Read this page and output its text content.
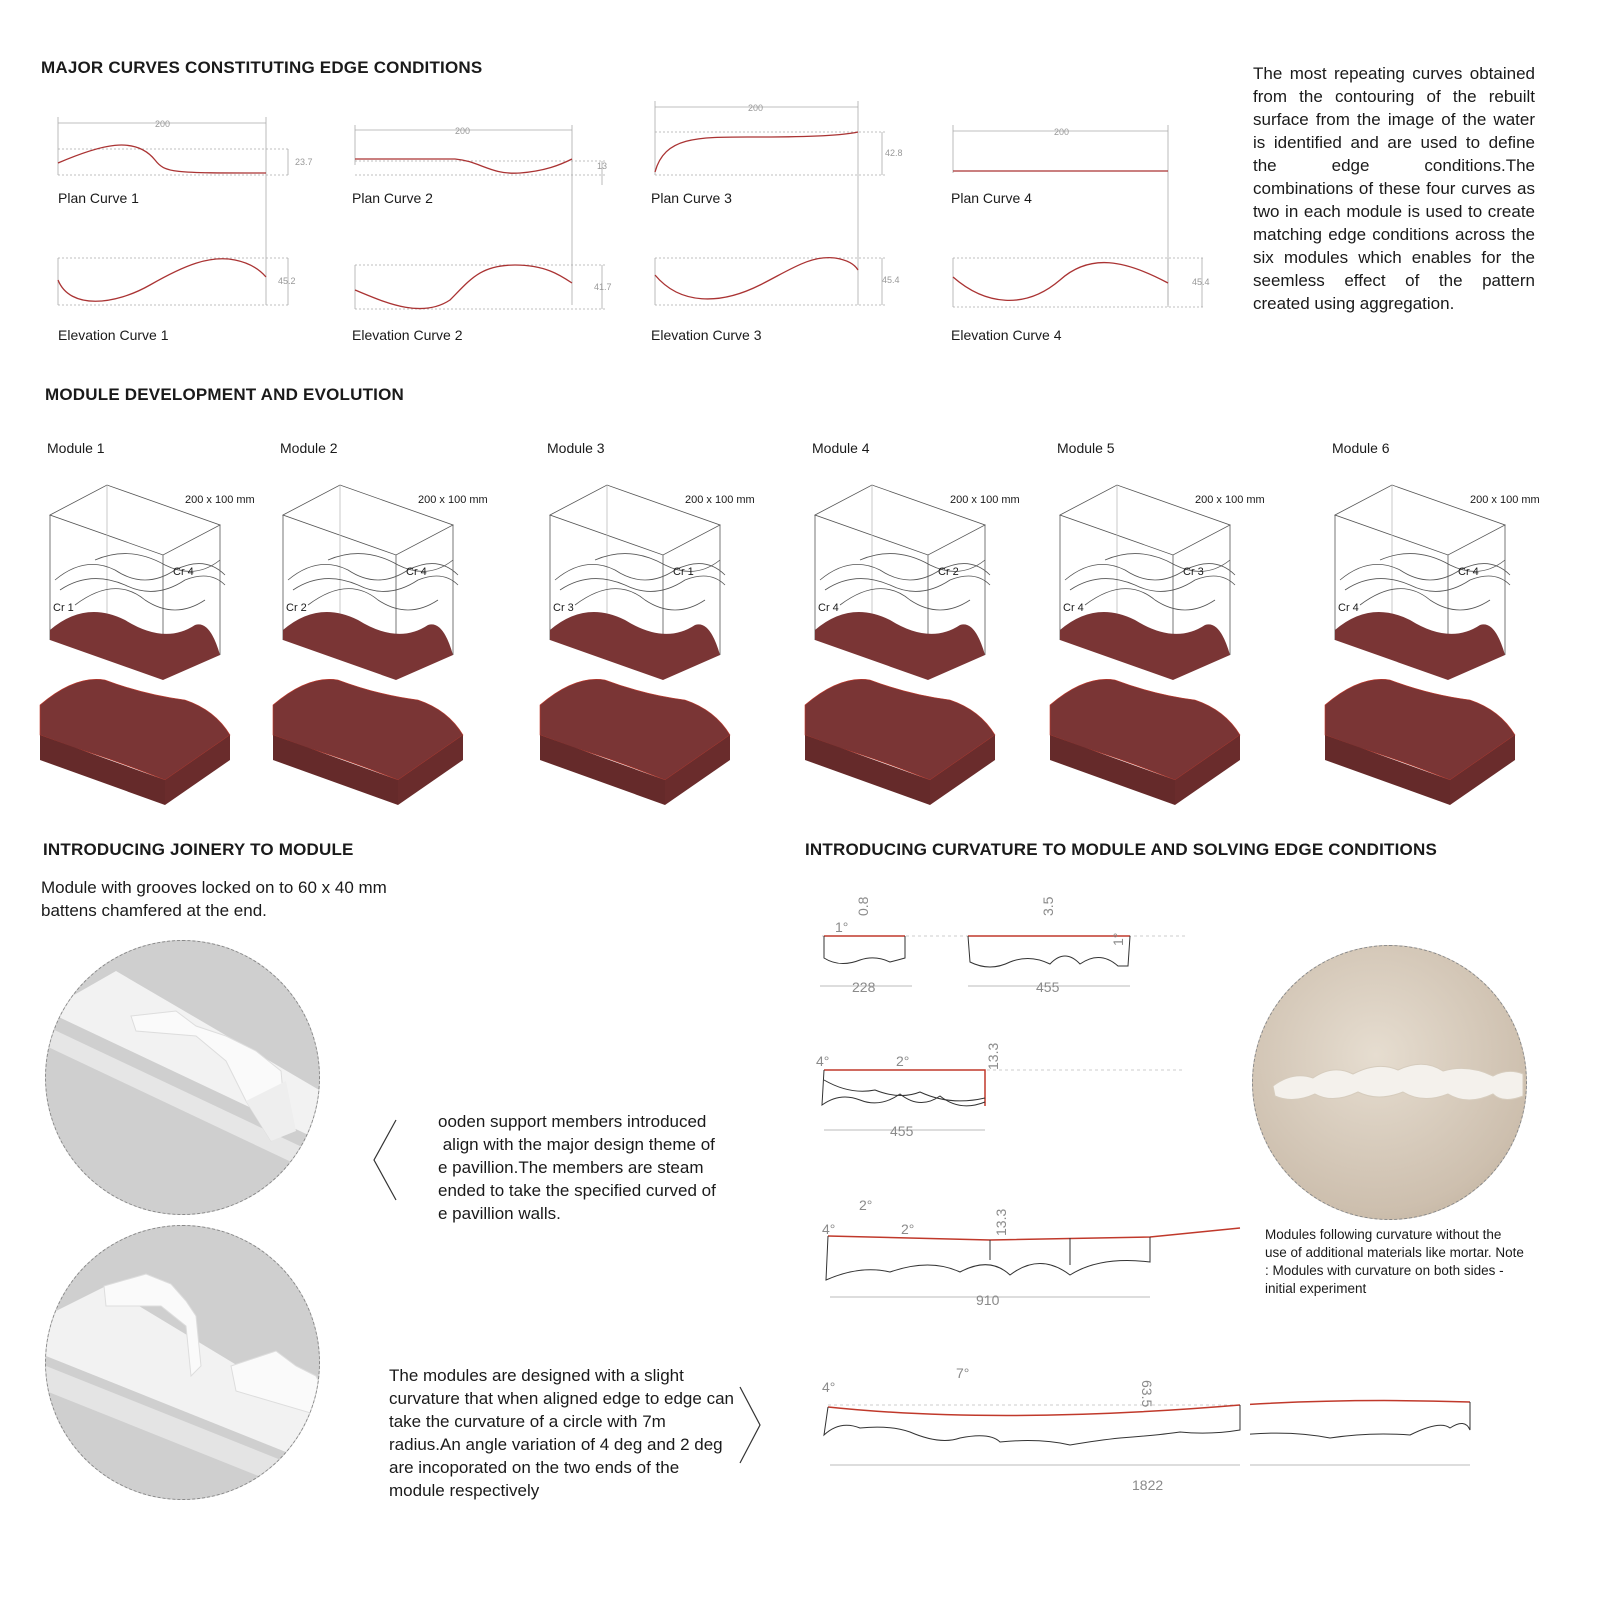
MAJOR CURVES CONSTITUTING EDGE CONDITIONS	The most repeating curves obtained from the contouring of the rebuilt surface from the image of the water is identified and are used to define the edge conditions.The combinations of these four curves as two in each module is used to create matching edge conditions across the six modules which enables for the seemless effect of the pattern created using aggregation.
200
23.7
200
13
200
42.8
200
45.2
41.7
45.4	45.4
Plan Curve 1	Plan Curve 2	Plan Curve 3	Plan Curve 4
Elevation Curve 1	Elevation Curve 2	Elevation Curve 3	Elevation Curve 4
MODULE DEVELOPMENT AND EVOLUTION
Module 1
200 x 100 mm
Cr 4
Cr 1
Module 2
200 x 100 mm
Cr 4
Cr 2
Module 3
200 x 100 mm
Cr 1
Cr 3
Module 4
200 x 100 mm
Cr 2
Cr 4
Module 5
200 x 100 mm
Cr 3
Cr 4
Module 6
200 x 100 mm
Cr 4
Cr 4
INTRODUCING JOINERY TO MODULE
Module with grooves locked on to 60 x 40 mm battens chamfered at the end.
ooden support members introduced
align with the major design theme of
e pavillion.The members are steam
ended to take the specified curved of
e pavillion walls.
The modules are designed with a slight curvature that when aligned edge to edge can take the curvature of a circle with 7m radius.An angle variation of 4 deg and 2 deg are incoporated on the two ends of the module respectively
INTRODUCING CURVATURE TO MODULE AND SOLVING EDGE CONDITIONS
1°
0.8
228
3.5
1°
455
4°	2°	13.3
455
4°
2°
2°	13.3
910
4°
7°
63.5
1822
Modules following curvature without the use of additional materials like mortar. Note : Modules with curvature on both sides - initial experiment
